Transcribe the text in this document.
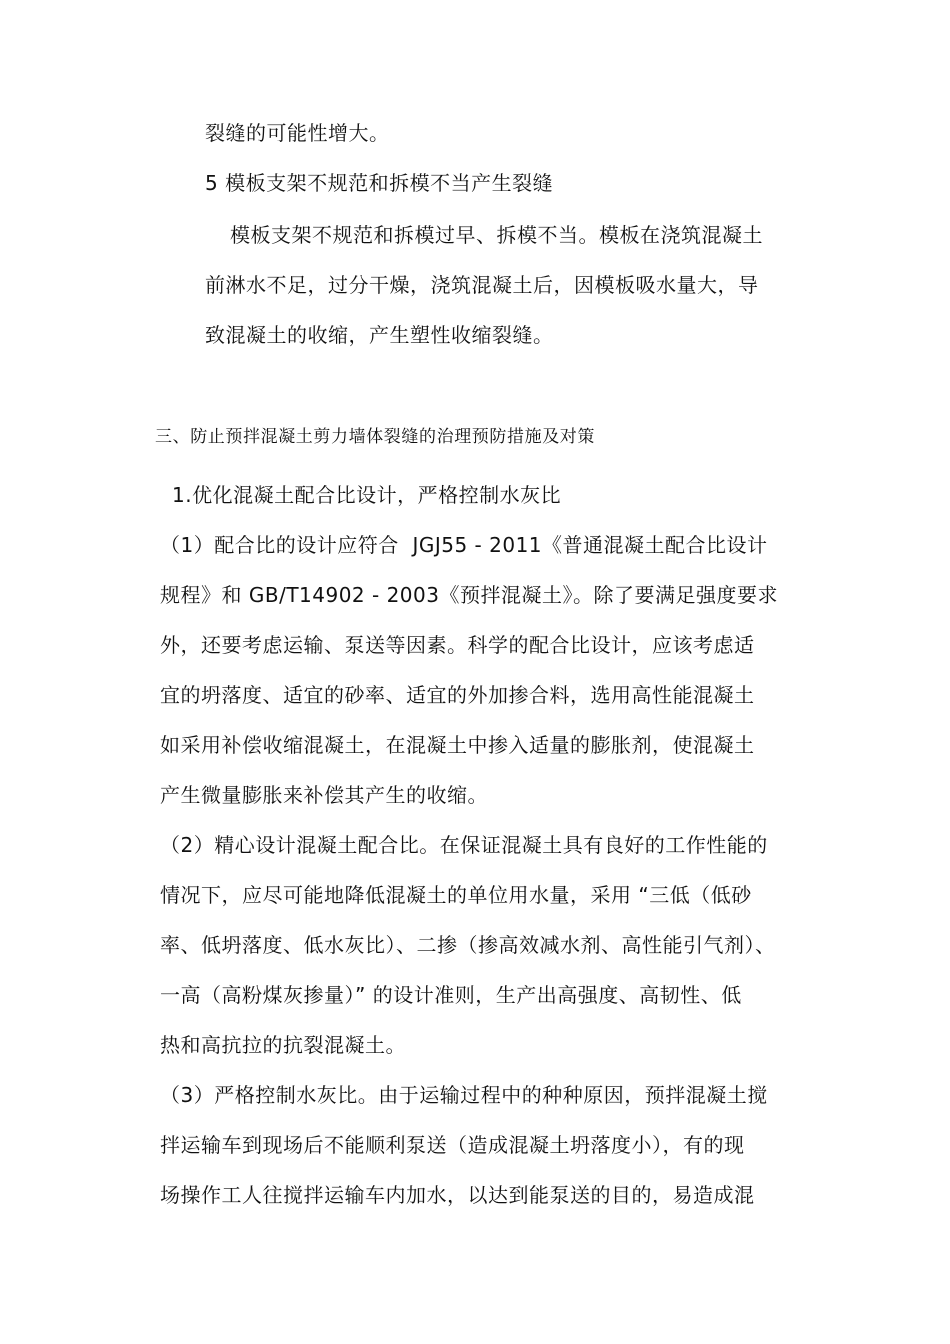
裂缝的可能性增大。
5 模板支架不规范和拆模不当产生裂缝
模板支架不规范和拆模过早、拆模不当。模板在浇筑混凝土
前淋水不足，过分干燥，浇筑混凝土后，因模板吸水量大，导
致混凝土的收缩，产生塑性收缩裂缝。
三、防止预拌混凝土剪力墙体裂缝的治理预防措施及对策
1.优化混凝土配合比设计，严格控制水灰比
（1）配合比的设计应符合  JGJ55 - 2011《普通混凝土配合比设计
规程》和 GB/T14902 - 2003《预拌混凝土》。除了要满足强度要求
外，还要考虑运输、泵送等因素。科学的配合比设计，应该考虑适
宜的坍落度、适宜的砂率、适宜的外加掺合料，选用高性能混凝土
如采用补偿收缩混凝土，在混凝土中掺入适量的膨胀剂，使混凝土
产生微量膨胀来补偿其产生的收缩。
（2）精心设计混凝土配合比。在保证混凝土具有良好的工作性能的
情况下，应尽可能地降低混凝土的单位用水量，采用 “三低（低砂
率、低坍落度、低水灰比）、二掺（掺高效减水剂、高性能引气剂）、
一高（高粉煤灰掺量）” 的设计准则，生产出高强度、高韧性、低
热和高抗拉的抗裂混凝土。
（3）严格控制水灰比。由于运输过程中的种种原因，预拌混凝土搅
拌运输车到现场后不能顺利泵送（造成混凝土坍落度小），有的现
场操作工人往搅拌运输车内加水，以达到能泵送的目的，易造成混
